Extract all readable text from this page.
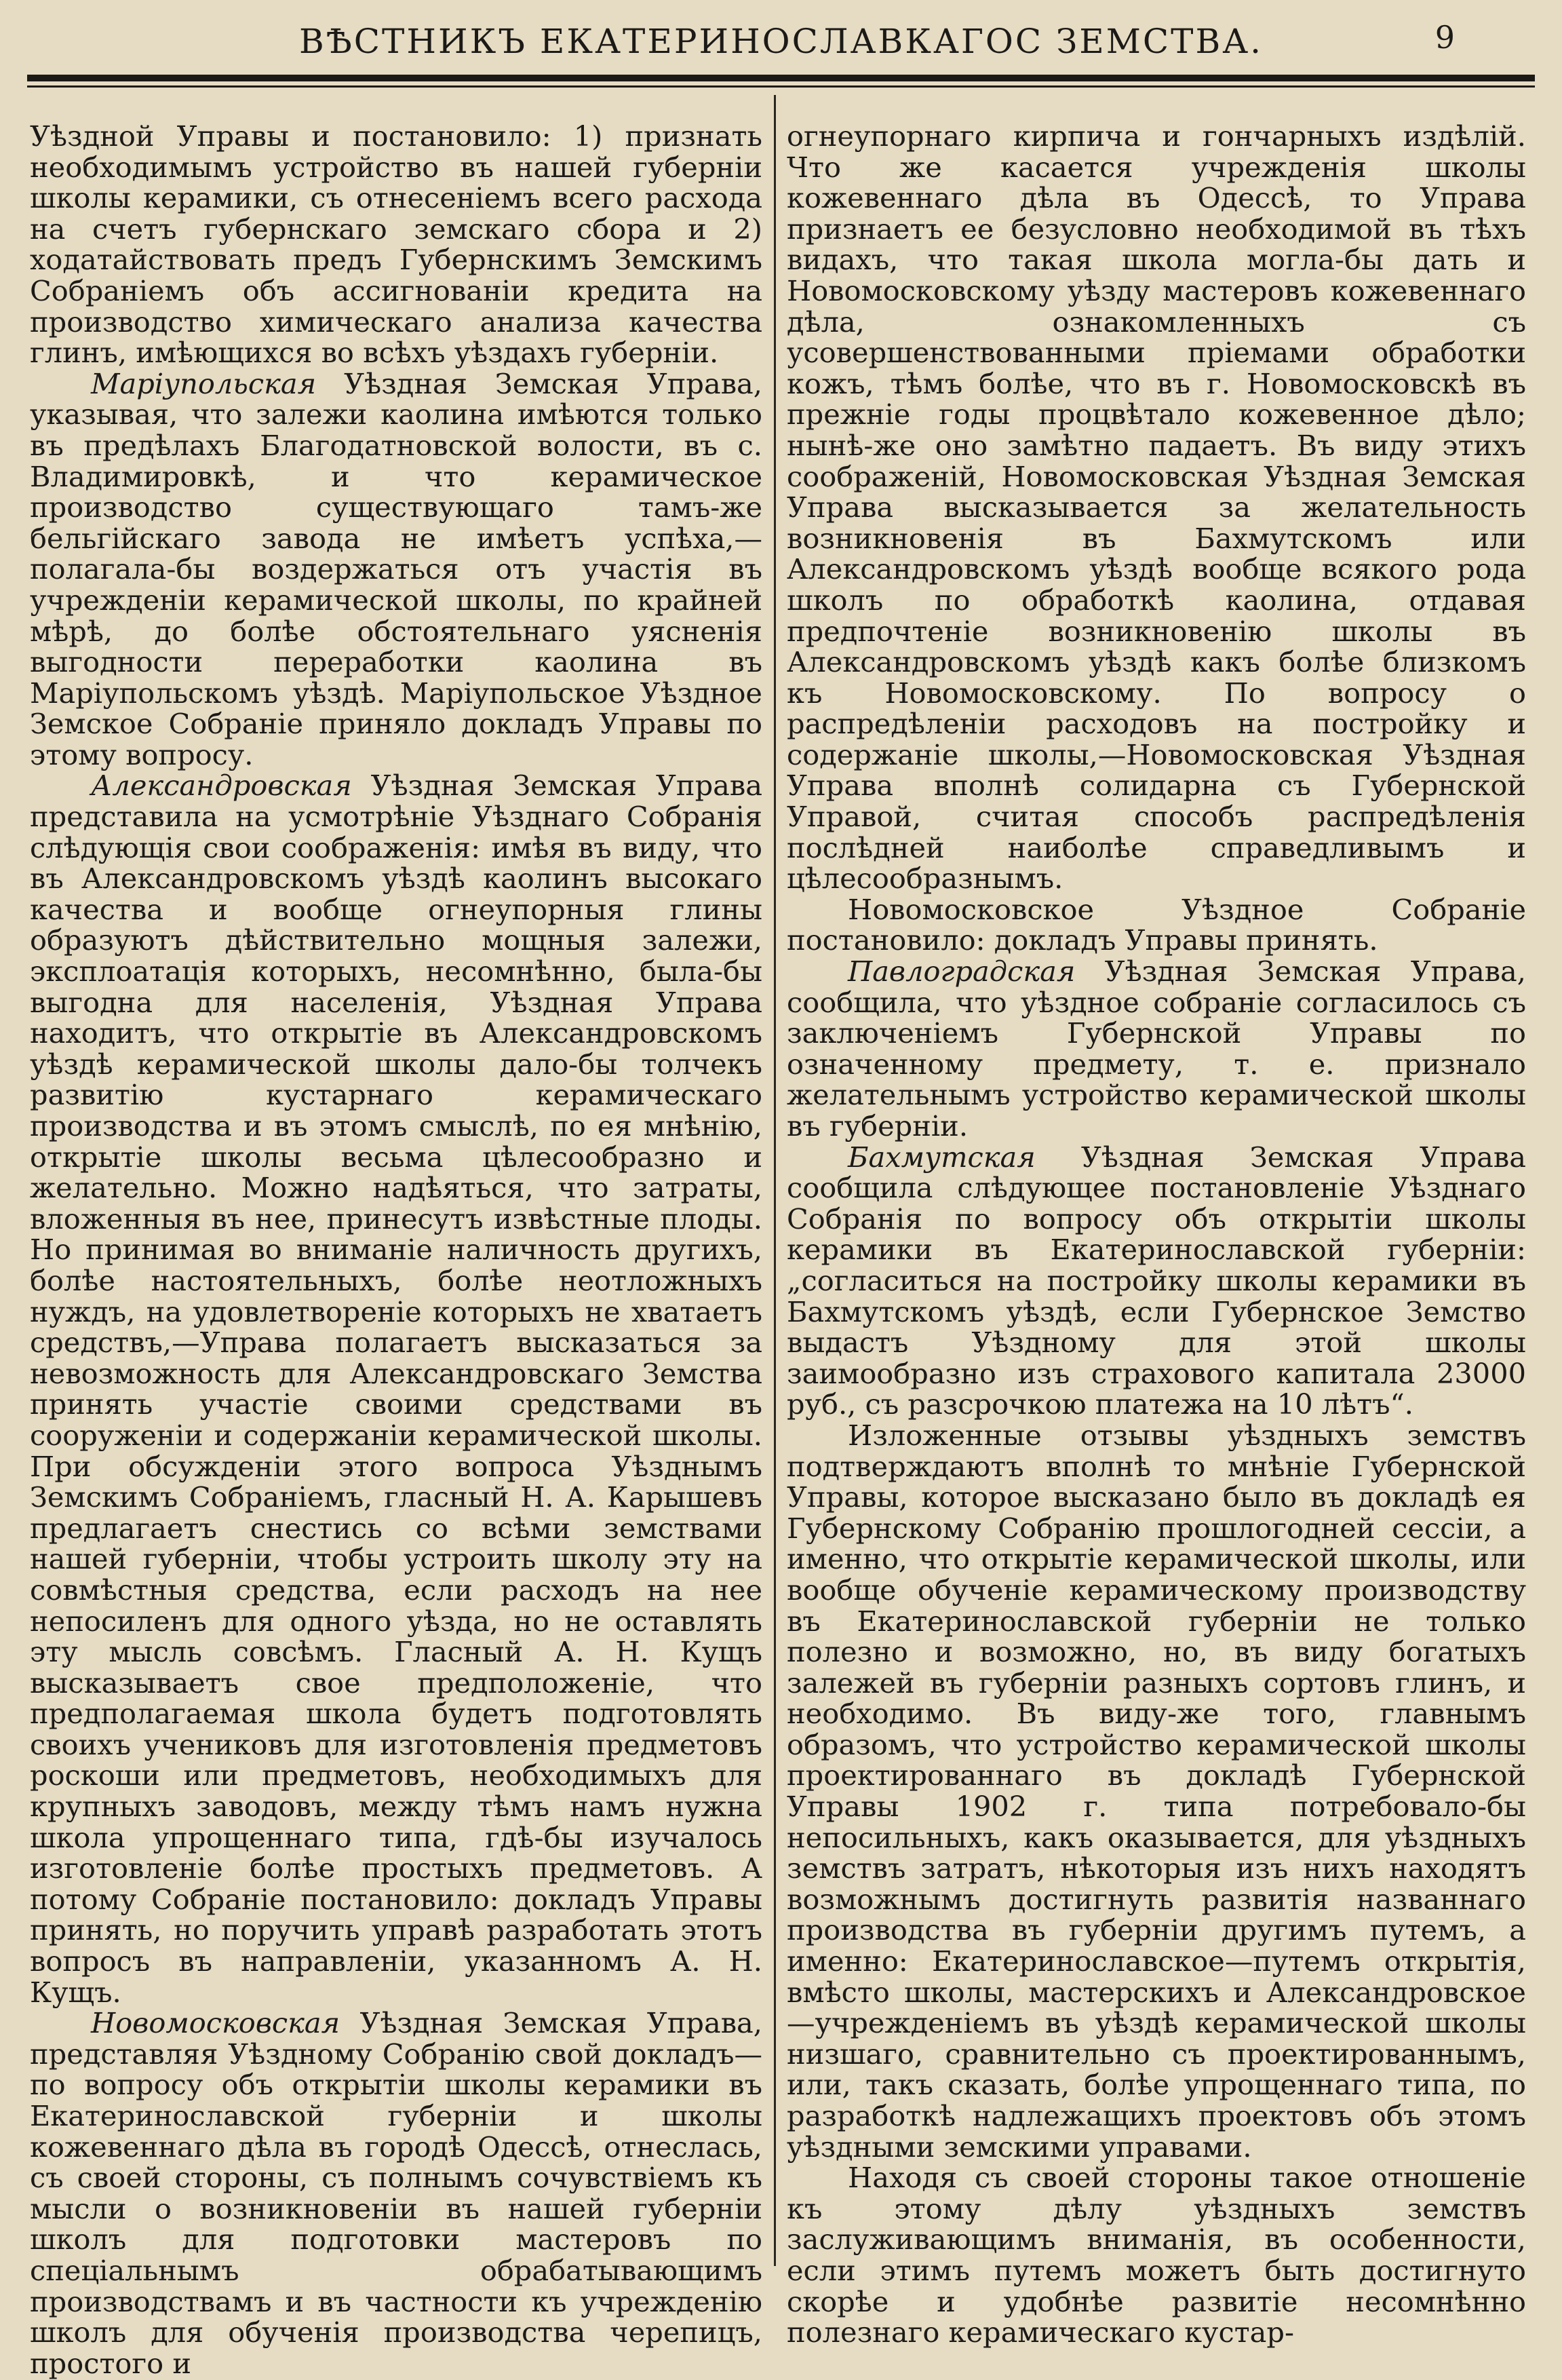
ВѢСТНИКЪ ЕКАТЕРИНОСЛАВКАГОС ЗЕМСТВА.	9

Уѣздной Управы и постановило: 1) признать необходимымъ устройство въ нашей губерніи школы керамики, съ отнесеніемъ всего расхода на счетъ губернскаго земскаго сбора и 2) ходатайствовать предъ Губернскимъ Земскимъ Собраніемъ объ ассигнованіи кредита на производство химическаго анализа качества глинъ, имѣющихся во всѣхъ уѣздахъ губерніи.

Маріупольская Уѣздная Земская Управа, указывая, что залежи каолина имѣются только въ предѣлахъ Благодатновской волости, въ с. Владимировкѣ, и что керамическое производство существующаго тамъ-же бельгійскаго завода не имѣетъ успѣха,—полагала-бы воздержаться отъ участія въ учрежденіи керамической школы, по крайней мѣрѣ, до болѣе обстоятельнаго уясненія выгодности переработки каолина въ Маріупольскомъ уѣздѣ. Маріупольское Уѣздное Земское Собраніе приняло докладъ Управы по этому вопросу.

Александровская Уѣздная Земская Управа представила на усмотрѣніе Уѣзднаго Собранія слѣдующія свои соображенія: имѣя въ виду, что въ Александровскомъ уѣздѣ каолинъ высокаго качества и вообще огнеупорныя глины образуютъ дѣйствительно мощныя залежи, эксплоатація которыхъ, несомнѣнно, была-бы выгодна для населенія, Уѣздная Управа находитъ, что открытіе въ Александровскомъ уѣздѣ керамической школы дало-бы толчекъ развитію кустарнаго керамическаго производства и въ этомъ смыслѣ, по ея мнѣнію, открытіе школы весьма цѣлесообразно и желательно. Можно надѣяться, что затраты, вложенныя въ нее, принесутъ извѣстные плоды. Но принимая во вниманіе наличность другихъ, болѣе настоятельныхъ, болѣе неотложныхъ нуждъ, на удовлетвореніе которыхъ не хватаетъ средствъ,—Управа полагаетъ высказаться за невозможность для Александровскаго Земства принять участіе своими средствами въ сооруженіи и содержаніи керамической школы. При обсужденіи этого вопроса Уѣзднымъ Земскимъ Собраніемъ, гласный Н. А. Карышевъ предлагаетъ снестись со всѣми земствами нашей губерніи, чтобы устроить школу эту на совмѣстныя средства, если расходъ на нее непосиленъ для одного уѣзда, но не оставлять эту мысль совсѣмъ. Гласный А. Н. Кущъ высказываетъ свое предположеніе, что предполагаемая школа будетъ подготовлять своихъ учениковъ для изготовленія предметовъ роскоши или предметовъ, необходимыхъ для крупныхъ заводовъ, между тѣмъ намъ нужна школа упрощеннаго типа, гдѣ-бы изучалось изготовленіе болѣе простыхъ предметовъ. А потому Собраніе постановило: докладъ Управы принять, но поручить управѣ разработать этотъ вопросъ въ направленіи, указанномъ А. Н. Кущъ.

Новомосковская Уѣздная Земская Управа, представляя Уѣздному Собранію свой докладъ—по вопросу объ открытіи школы керамики въ Екатеринославской губерніи и школы кожевеннаго дѣла въ городѣ Одессѣ, отнеслась, съ своей стороны, съ полнымъ сочувствіемъ къ мысли о возникновеніи въ нашей губерніи школъ для подготовки мастеровъ по спеціальнымъ обрабатывающимъ производствамъ и въ частности къ учрежденію школъ для обученія производства черепицъ, простого и

огнеупорнаго кирпича и гончарныхъ издѣлій. Что же касается учрежденія школы кожевеннаго дѣла въ Одессѣ, то Управа признаетъ ее безусловно необходимой въ тѣхъ видахъ, что такая школа могла-бы дать и Новомосковскому уѣзду мастеровъ кожевеннаго дѣла, ознакомленныхъ съ усовершенствованными пріемами обработки кожъ, тѣмъ болѣе, что въ г. Новомосковскѣ въ прежніе годы процвѣтало кожевенное дѣло; нынѣ-же оно замѣтно падаетъ. Въ виду этихъ соображеній, Новомосковская Уѣздная Земская Управа высказывается за желательность возникновенія въ Бахмутскомъ или Александровскомъ уѣздѣ вообще всякого рода школъ по обработкѣ каолина, отдавая предпочтеніе возникновенію школы въ Александровскомъ уѣздѣ какъ болѣе близкомъ къ Новомосковскому. По вопросу о распредѣленіи расходовъ на постройку и содержаніе школы,—Новомосковская Уѣздная Управа вполнѣ солидарна съ Губернской Управой, считая способъ распредѣленія послѣдней наиболѣе справедливымъ и цѣлесообразнымъ.

Новомосковское Уѣздное Собраніе постановило: докладъ Управы принять.

Павлоградская Уѣздная Земская Управа, сообщила, что уѣздное собраніе согласилось съ заключеніемъ Губернской Управы по означенному предмету, т. е. признало желательнымъ устройство керамической школы въ губерніи.

Бахмутская Уѣздная Земская Управа сообщила слѣдующее постановленіе Уѣзднаго Собранія по вопросу объ открытіи школы керамики въ Екатеринославской губерніи: „согласиться на постройку школы керамики въ Бахмутскомъ уѣздѣ, если Губернское Земство выдастъ Уѣздному для этой школы заимообразно изъ страхового капитала 23000 руб., съ разсрочкою платежа на 10 лѣтъ“.

Изложенные отзывы уѣздныхъ земствъ подтверждаютъ вполнѣ то мнѣніе Губернской Управы, которое высказано было въ докладѣ ея Губернскому Собранію прошлогодней сессіи, а именно, что открытіе керамической школы, или вообще обученіе керамическому производству въ Екатеринославской губерніи не только полезно и возможно, но, въ виду богатыхъ залежей въ губерніи разныхъ сортовъ глинъ, и необходимо. Въ виду-же того, главнымъ образомъ, что устройство керамической школы проектированнаго въ докладѣ Губернской Управы 1902 г. типа потребовало-бы непосильныхъ, какъ оказывается, для уѣздныхъ земствъ затратъ, нѣкоторыя изъ нихъ находятъ возможнымъ достигнуть развитія названнаго производства въ губерніи другимъ путемъ, а именно: Екатеринославское—путемъ открытія, вмѣсто школы, мастерскихъ и Александровское—учрежденіемъ въ уѣздѣ керамической школы низшаго, сравнительно съ проектированнымъ, или, такъ сказать, болѣе упрощеннаго типа, по разработкѣ надлежащихъ проектовъ объ этомъ уѣздными земскими управами.

Находя съ своей стороны такое отношеніе къ этому дѣлу уѣздныхъ земствъ заслуживающимъ вниманія, въ особенности, если этимъ путемъ можетъ быть достигнуто скорѣе и удобнѣе развитіе несомнѣнно полезнаго керамическаго кустар-
